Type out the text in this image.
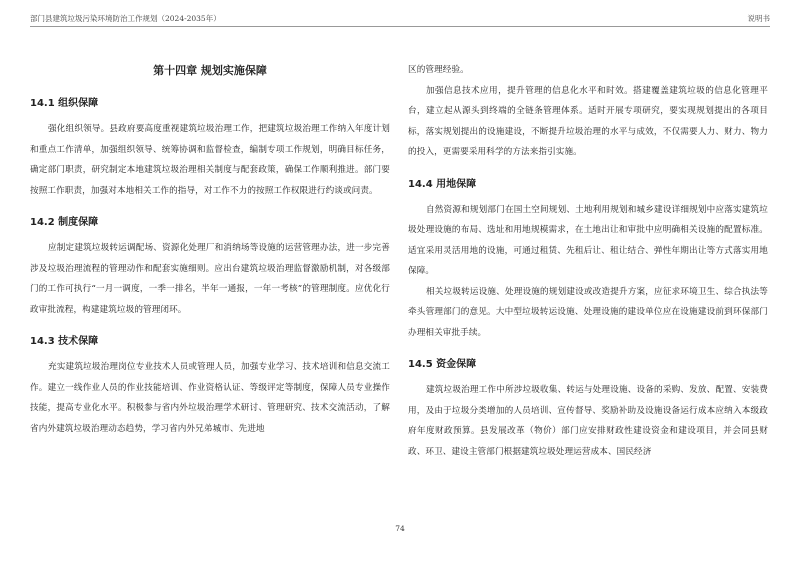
部门县建筑垃圾污染环境防治工作规划（2024-2035年）	说明书
第十四章 规划实施保障
14.1 组织保障

强化组织领导。县政府要高度重视建筑垃圾治理工作，把建筑垃圾治理工作纳入年度计划和重点工作清单，加强组织领导、统筹协调和监督检查，编制专项工作规划，明确目标任务，确定部门职责，研究制定本地建筑垃圾治理相关制度与配套政策，确保工作顺利推进。部门要按照工作职责，加强对本地相关工作的指导，对工作不力的按照工作权限进行约谈或问责。

14.2 制度保障

应制定建筑垃圾转运调配场、资源化处理厂和消纳场等设施的运营管理办法，进一步完善涉及垃圾治理流程的管理动作和配套实施细则。应出台建筑垃圾治理监督激励机制，对各级部门的工作可执行“一月一调度，一季一排名，半年一通报，一年一考核”的管理制度。应优化行政审批流程，构建建筑垃圾的管理闭环。

14.3 技术保障

充实建筑垃圾治理岗位专业技术人员或管理人员，加强专业学习、技术培训和信息交流工作。建立一线作业人员的作业技能培训、作业资格认证、等级评定等制度，保障人员专业操作技能，提高专业化水平。积极参与省内外垃圾治理学术研讨、管理研究、技术交流活动，了解省内外建筑垃圾治理动态趋势，学习省内外兄弟城市、先进地

区的管理经验。

加强信息技术应用，提升管理的信息化水平和时效。搭建覆盖建筑垃圾的信息化管理平台，建立起从源头到终端的全链条管理体系。适时开展专项研究，要实现规划提出的各项目标，落实规划提出的设施建设，不断提升垃圾治理的水平与成效，不仅需要人力、财力、物力的投入，更需要采用科学的方法来指引实施。

14.4 用地保障

自然资源和规划部门在国土空间规划、土地利用规划和城乡建设详细规划中应落实建筑垃圾处理设施的布局、选址和用地规模需求，在土地出让和审批中应明确相关设施的配置标准。适宜采用灵活用地的设施，可通过租赁、先租后让、租让结合、弹性年期出让等方式落实用地保障。

相关垃圾转运设施、处理设施的规划建设或改造提升方案，应征求环境卫生、综合执法等牵头管理部门的意见。大中型垃圾转运设施、处理设施的建设单位应在设施建设前到环保部门办理相关审批手续。

14.5 资金保障

建筑垃圾治理工作中所涉垃圾收集、转运与处理设施、设备的采购、发放、配置、安装费用，及由于垃圾分类增加的人员培训、宣传督导、奖励补助及设施设备运行成本应纳入本级政府年度财政预算。县发展改革（物价）部门应安排财政性建设资金和建设项目，并会同县财政、环卫、建设主管部门根据建筑垃圾处理运营成本、国民经济

74
